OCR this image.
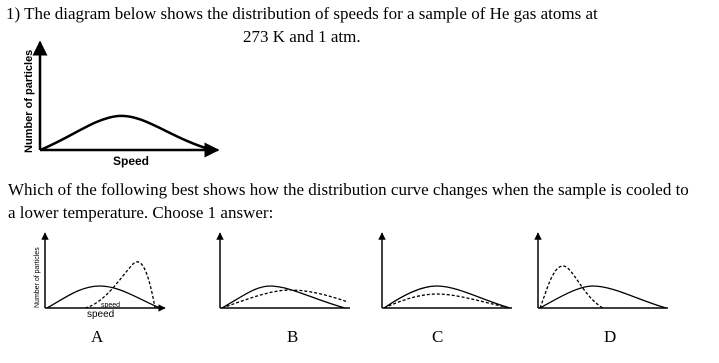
1) The diagram below shows the distribution of speeds for a sample of He gas atoms at
273 K and 1 atm.
Number of particles
Speed
Which of the following best shows how the distribution curve changes when the sample is cooled to
a lower temperature. Choose 1 answer:
Number of particles	speed
speed
A	B	C	D
